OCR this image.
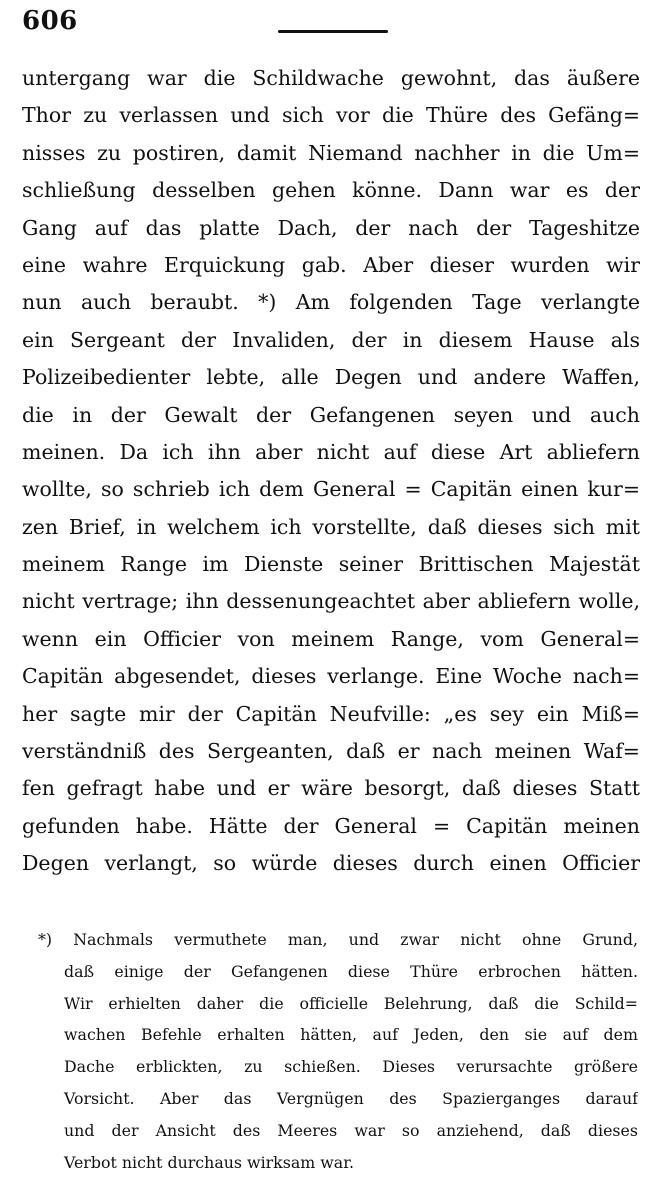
606
untergang war die Schildwache gewohnt, das äußere
Thor zu verlassen und sich vor die Thüre des Gefäng=
nisses zu postiren, damit Niemand nachher in die Um=
schließung desselben gehen könne. Dann war es der
Gang auf das platte Dach, der nach der Tageshitze
eine wahre Erquickung gab. Aber dieser wurden wir
nun auch beraubt. *) Am folgenden Tage verlangte
ein Sergeant der Invaliden, der in diesem Hause als
Polizeibedienter lebte, alle Degen und andere Waffen,
die in der Gewalt der Gefangenen seyen und auch
meinen. Da ich ihn aber nicht auf diese Art abliefern
wollte, so schrieb ich dem General = Capitän einen kur=
zen Brief, in welchem ich vorstellte, daß dieses sich mit
meinem Range im Dienste seiner Brittischen Majestät
nicht vertrage; ihn dessenungeachtet aber abliefern wolle,
wenn ein Officier von meinem Range, vom General=
Capitän abgesendet, dieses verlange. Eine Woche nach=
her sagte mir der Capitän Neufville: „es sey ein Miß=
verständniß des Sergeanten, daß er nach meinen Waf=
fen gefragt habe und er wäre besorgt, daß dieses Statt
gefunden habe. Hätte der General = Capitän meinen
Degen verlangt, so würde dieses durch einen Officier
*) Nachmals vermuthete man, und zwar nicht ohne Grund,
daß einige der Gefangenen diese Thüre erbrochen hätten.
Wir erhielten daher die officielle Belehrung, daß die Schild=
wachen Befehle erhalten hätten, auf Jeden, den sie auf dem
Dache erblickten, zu schießen. Dieses verursachte größere
Vorsicht. Aber das Vergnügen des Spazierganges darauf
und der Ansicht des Meeres war so anziehend, daß dieses
Verbot nicht durchaus wirksam war.
